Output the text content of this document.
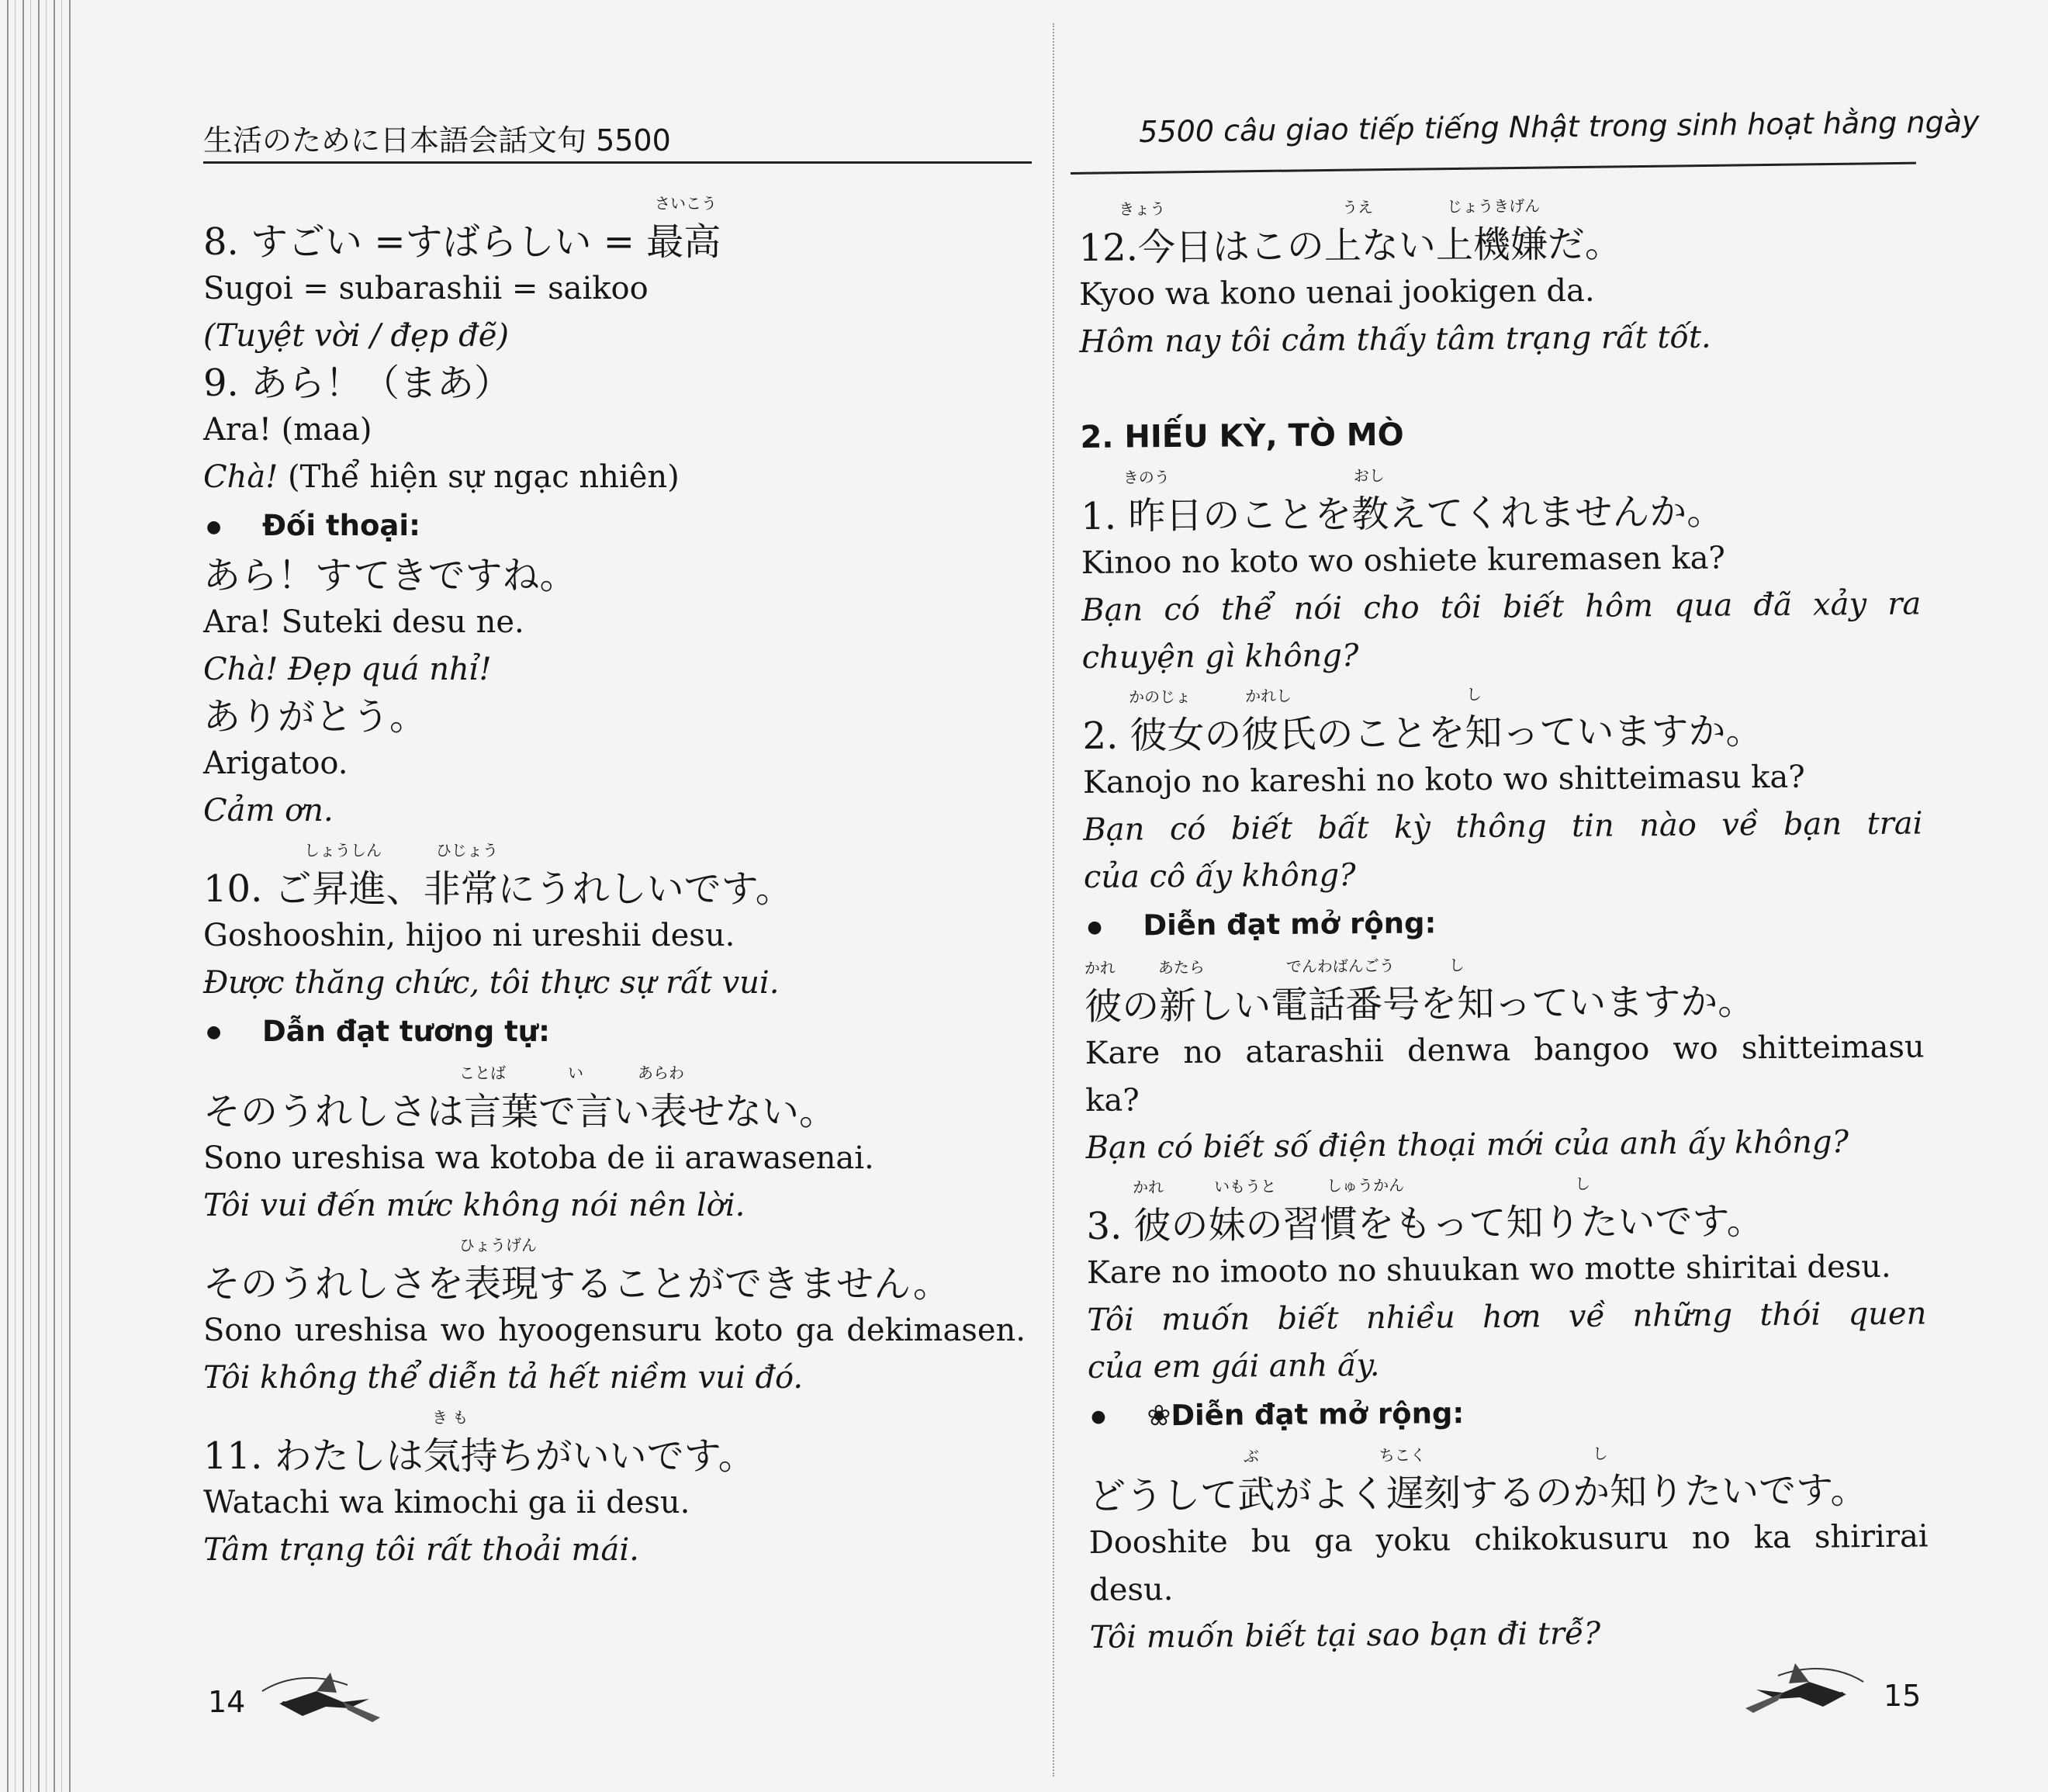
生活のために日本語会話文句 5500
さいこう
8. すごい =すばらしい = 最高
Sugoi = subarashii = saikoo
(Tuyệt vời / đẹp đẽ)
9. あら！（まあ）
Ara! (maa)
Chà! (Thể hiện sự ngạc nhiên)
● Đối thoại:
あら！すてきですね。
Ara! Suteki desu ne.
Chà! Đẹp quá nhỉ!
ありがとう。
Arigatoo.
Cảm ơn.
しょうしん	ひじょう
10. ご昇進、非常にうれしいです。
Goshooshin, hijoo ni ureshii desu.
Được thăng chức, tôi thực sự rất vui.
● Dẫn đạt tương tự:
ことば	い	あらわ
そのうれしさは言葉で言い表せない。
Sono ureshisa wa kotoba de ii arawasenai.
Tôi vui đến mức không nói nên lời.
ひょうげん
そのうれしさを表現することができません。
Sono ureshisa wo hyoogensuru koto ga dekimasen.
Tôi không thể diễn tả hết niềm vui đó.
き も
11. わたしは気持ちがいいです。
Watachi wa kimochi ga ii desu.
Tâm trạng tôi rất thoải mái.
14
5500 câu giao tiếp tiếng Nhật trong sinh hoạt hằng ngày
きょう	うえ	じょうきげん
12.今日はこの上ない上機嫌だ。
Kyoo wa kono uenai jookigen da.
Hôm nay tôi cảm thấy tâm trạng rất tốt.
2. HIẾU KỲ, TÒ MÒ
きのう	おし
1. 昨日のことを教えてくれませんか。
Kinoo no koto wo oshiete kuremasen ka?
Bạn có thể nói cho tôi biết hôm qua đã xảy ra
chuyện gì không?
かのじょ	かれし	し
2. 彼女の彼氏のことを知っていますか。
Kanojo no kareshi no koto wo shitteimasu ka?
Bạn có biết bất kỳ thông tin nào về bạn trai
của cô ấy không?
● Diễn đạt mở rộng:
かれ	あたら	でんわばんごう	し
彼の新しい電話番号を知っていますか。
Kare no atarashii denwa bangoo wo shitteimasu
ka?
Bạn có biết số điện thoại mới của anh ấy không?
かれ	いもうと	しゅうかん	し
3. 彼の妹の習慣をもって知りたいです。
Kare no imooto no shuukan wo motte shiritai desu.
Tôi muốn biết nhiều hơn về những thói quen
của em gái anh ấy.
● ❀Diễn đạt mở rộng:
ぶ	ちこく	し
どうして武がよく遅刻するのか知りたいです。
Dooshite bu ga yoku chikokusuru no ka shirirai
desu.
Tôi muốn biết tại sao bạn đi trễ?
15
